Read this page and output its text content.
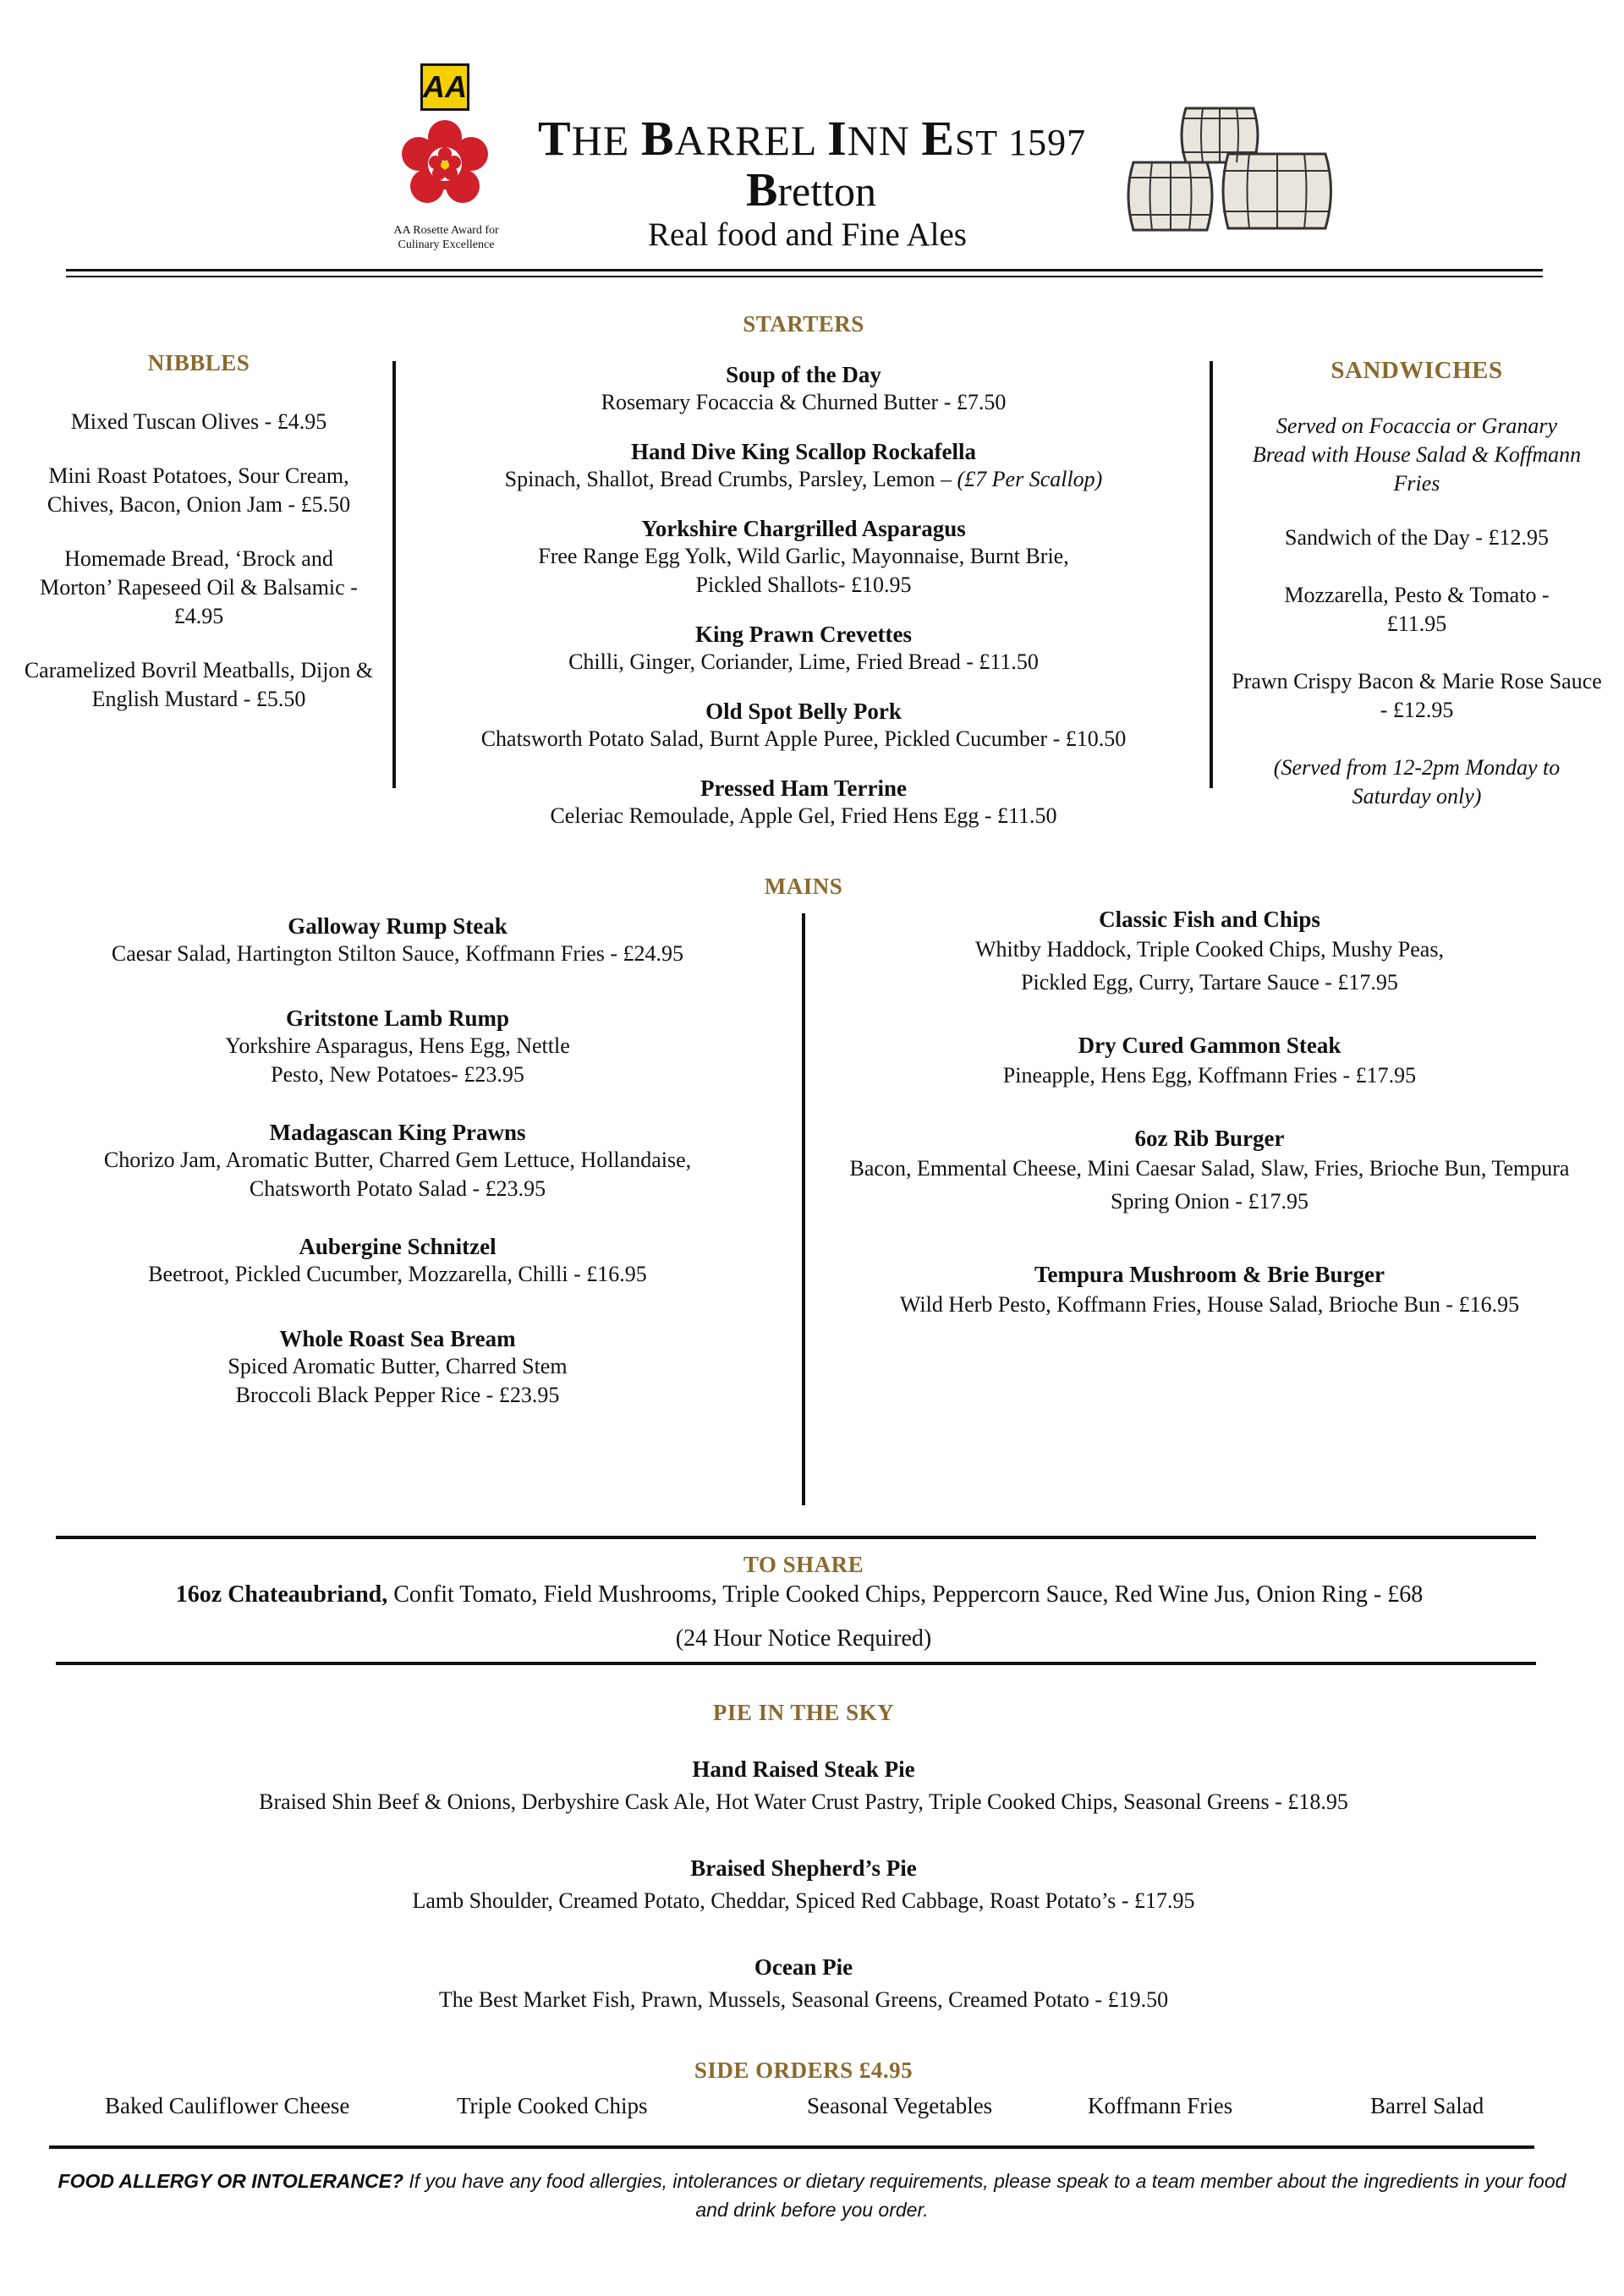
AA
AA Rosette Award for
Culinary Excellence
THE BARREL INN EST 1597
Bretton
Real food and Fine Ales
STARTERS
Soup of the Day
Rosemary Focaccia & Churned Butter - £7.50
Hand Dive King Scallop Rockafella
Spinach, Shallot, Bread Crumbs, Parsley, Lemon – (£7 Per Scallop)
Yorkshire Chargrilled Asparagus
Free Range Egg Yolk, Wild Garlic, Mayonnaise, Burnt Brie, Pickled Shallots- £10.95
King Prawn Crevettes
Chilli, Ginger, Coriander, Lime, Fried Bread - £11.50
Old Spot Belly Pork
Chatsworth Potato Salad, Burnt Apple Puree, Pickled Cucumber - £10.50
Pressed Ham Terrine
Celeriac Remoulade, Apple Gel, Fried Hens Egg - £11.50
NIBBLES
Mixed Tuscan Olives - £4.95
Mini Roast Potatoes, Sour Cream, Chives, Bacon, Onion Jam - £5.50
Homemade Bread, ‘Brock and Morton’ Rapeseed Oil & Balsamic - £4.95
Caramelized Bovril Meatballs, Dijon & English Mustard - £5.50
SANDWICHES
Served on Focaccia or Granary Bread with House Salad & Koffmann Fries
Sandwich of the Day - £12.95
Mozzarella, Pesto & Tomato - £11.95
Prawn Crispy Bacon & Marie Rose Sauce - £12.95
(Served from 12-2pm Monday to Saturday only)
MAINS
Galloway Rump Steak
Caesar Salad, Hartington Stilton Sauce, Koffmann Fries - £24.95
Gritstone Lamb Rump
Yorkshire Asparagus, Hens Egg, Nettle Pesto, New Potatoes- £23.95
Madagascan King Prawns
Chorizo Jam, Aromatic Butter, Charred Gem Lettuce, Hollandaise, Chatsworth Potato Salad - £23.95
Aubergine Schnitzel
Beetroot, Pickled Cucumber, Mozzarella, Chilli - £16.95
Whole Roast Sea Bream
Spiced Aromatic Butter, Charred Stem Broccoli Black Pepper Rice - £23.95
Classic Fish and Chips
Whitby Haddock, Triple Cooked Chips, Mushy Peas, Pickled Egg, Curry, Tartare Sauce - £17.95
Dry Cured Gammon Steak
Pineapple, Hens Egg, Koffmann Fries - £17.95
6oz Rib Burger
Bacon, Emmental Cheese, Mini Caesar Salad, Slaw, Fries, Brioche Bun, Tempura Spring Onion - £17.95
Tempura Mushroom & Brie Burger
Wild Herb Pesto, Koffmann Fries, House Salad, Brioche Bun - £16.95
TO SHARE
16oz Chateaubriand, Confit Tomato, Field Mushrooms, Triple Cooked Chips, Peppercorn Sauce, Red Wine Jus, Onion Ring - £68
(24 Hour Notice Required)
PIE IN THE SKY
Hand Raised Steak Pie
Braised Shin Beef & Onions, Derbyshire Cask Ale, Hot Water Crust Pastry, Triple Cooked Chips, Seasonal Greens - £18.95
Braised Shepherd’s Pie
Lamb Shoulder, Creamed Potato, Cheddar, Spiced Red Cabbage, Roast Potato’s - £17.95
Ocean Pie
The Best Market Fish, Prawn, Mussels, Seasonal Greens, Creamed Potato - £19.50
SIDE ORDERS £4.95
Baked Cauliflower Cheese	Triple Cooked Chips	Seasonal Vegetables	Koffmann Fries	Barrel Salad
FOOD ALLERGY OR INTOLERANCE? If you have any food allergies, intolerances or dietary requirements, please speak to a team member about the ingredients in your food and drink before you order.
